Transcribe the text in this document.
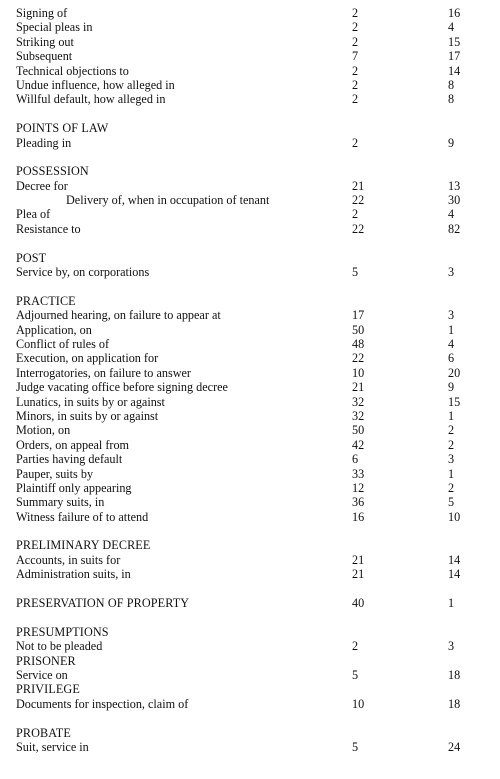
Signing of	2	16
Special pleas in	2	4
Striking out	2	15
Subsequent	7	17
Technical objections to	2	14
Undue influence, how alleged in	2	8
Willful default, how alleged in	2	8
POINTS OF LAW
Pleading in	2	9
POSSESSION
Decree for	21	13
Delivery of, when in occupation of tenant	22	30
Plea of	2	4
Resistance to	22	82
POST
Service by, on corporations	5	3
PRACTICE
Adjourned hearing, on failure to appear at	17	3
Application, on	50	1
Conflict of rules of	48	4
Execution, on application for	22	6
Interrogatories, on failure to answer	10	20
Judge vacating office before signing decree	21	9
Lunatics, in suits by or against	32	15
Minors, in suits by or against	32	1
Motion, on	50	2
Orders, on appeal from	42	2
Parties having default	6	3
Pauper, suits by	33	1
Plaintiff only appearing	12	2
Summary suits, in	36	5
Witness failure of to attend	16	10
PRELIMINARY DECREE
Accounts, in suits for	21	14
Administration suits, in	21	14
PRESERVATION OF PROPERTY	40	1
PRESUMPTIONS
Not to be pleaded	2	3
PRISONER
Service on	5	18
PRIVILEGE
Documents for inspection, claim of	10	18
PROBATE
Suit, service in	5	24
